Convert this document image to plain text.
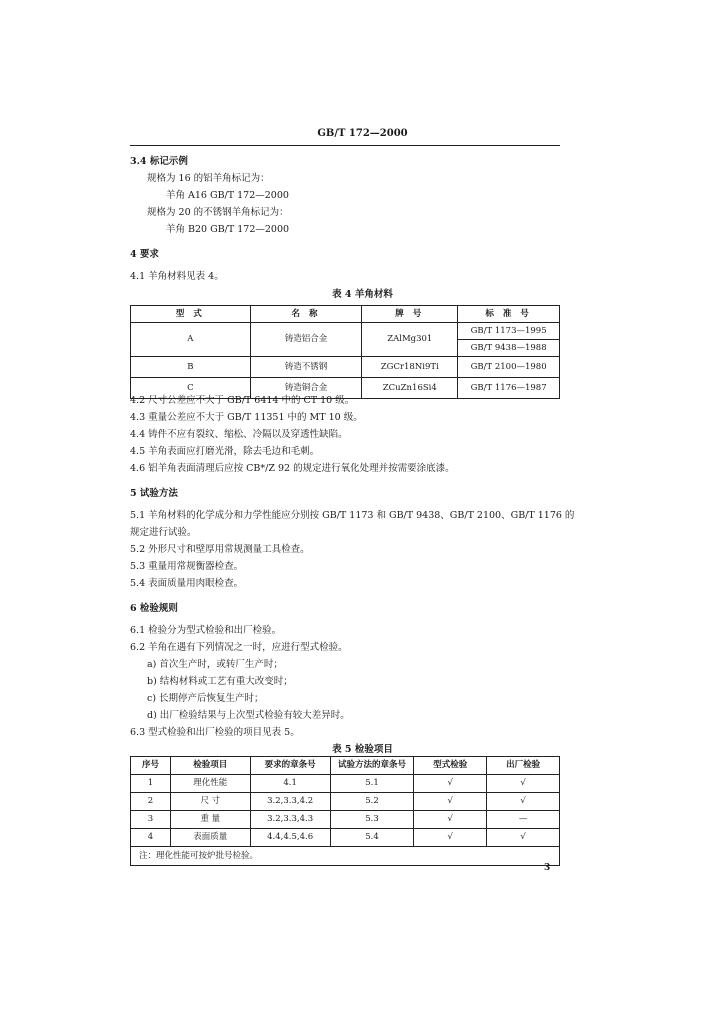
GB/T 172—2000
3.4 标记示例
规格为 16 的铝羊角标记为：
羊角 A16 GB/T 172—2000
规格为 20 的不锈钢羊角标记为：
羊角 B20 GB/T 172—2000
4 要求
4.1 羊角材料见表 4。
表 4 羊角材料
型 式	名 称	牌 号	标 准 号
A	铸造铝合金	ZAlMg301	GB/T 1173—1995
			GB/T 9438—1988
B	铸造不锈钢	ZGCr18Ni9Ti	GB/T 2100—1980
C	铸造铜合金	ZCuZn16Si4	GB/T 1176—1987
4.2 尺寸公差应不大于 GB/T 6414 中的 CT 10 级。
4.3 重量公差应不大于 GB/T 11351 中的 MT 10 级。
4.4 铸件不应有裂纹、缩松、冷隔以及穿透性缺陷。
4.5 羊角表面应打磨光滑，除去毛边和毛刺。
4.6 铝羊角表面清理后应按 CB*/Z 92 的规定进行氧化处理并按需要涂底漆。
5 试验方法
5.1 羊角材料的化学成分和力学性能应分别按 GB/T 1173 和 GB/T 9438、GB/T 2100、GB/T 1176 的
规定进行试验。
5.2 外形尺寸和壁厚用常规测量工具检查。
5.3 重量用常规衡器检查。
5.4 表面质量用肉眼检查。
6 检验规则
6.1 检验分为型式检验和出厂检验。
6.2 羊角在遇有下列情况之一时，应进行型式检验。
a) 首次生产时，或转厂生产时；
b) 结构材料或工艺有重大改变时；
c) 长期停产后恢复生产时；
d) 出厂检验结果与上次型式检验有较大差异时。
6.3 型式检验和出厂检验的项目见表 5。
表 5 检验项目
序号	检验项目	要求的章条号	试验方法的章条号	型式检验	出厂检验
1	理化性能	4.1	5.1	√	√
2	尺 寸	3.2,3.3,4.2	5.2	√	√
3	重 量	3.2,3.3,4.3	5.3	√	—
4	表面质量	4.4,4.5,4.6	5.4	√	√
注：理化性能可按炉批号检验。					
3
